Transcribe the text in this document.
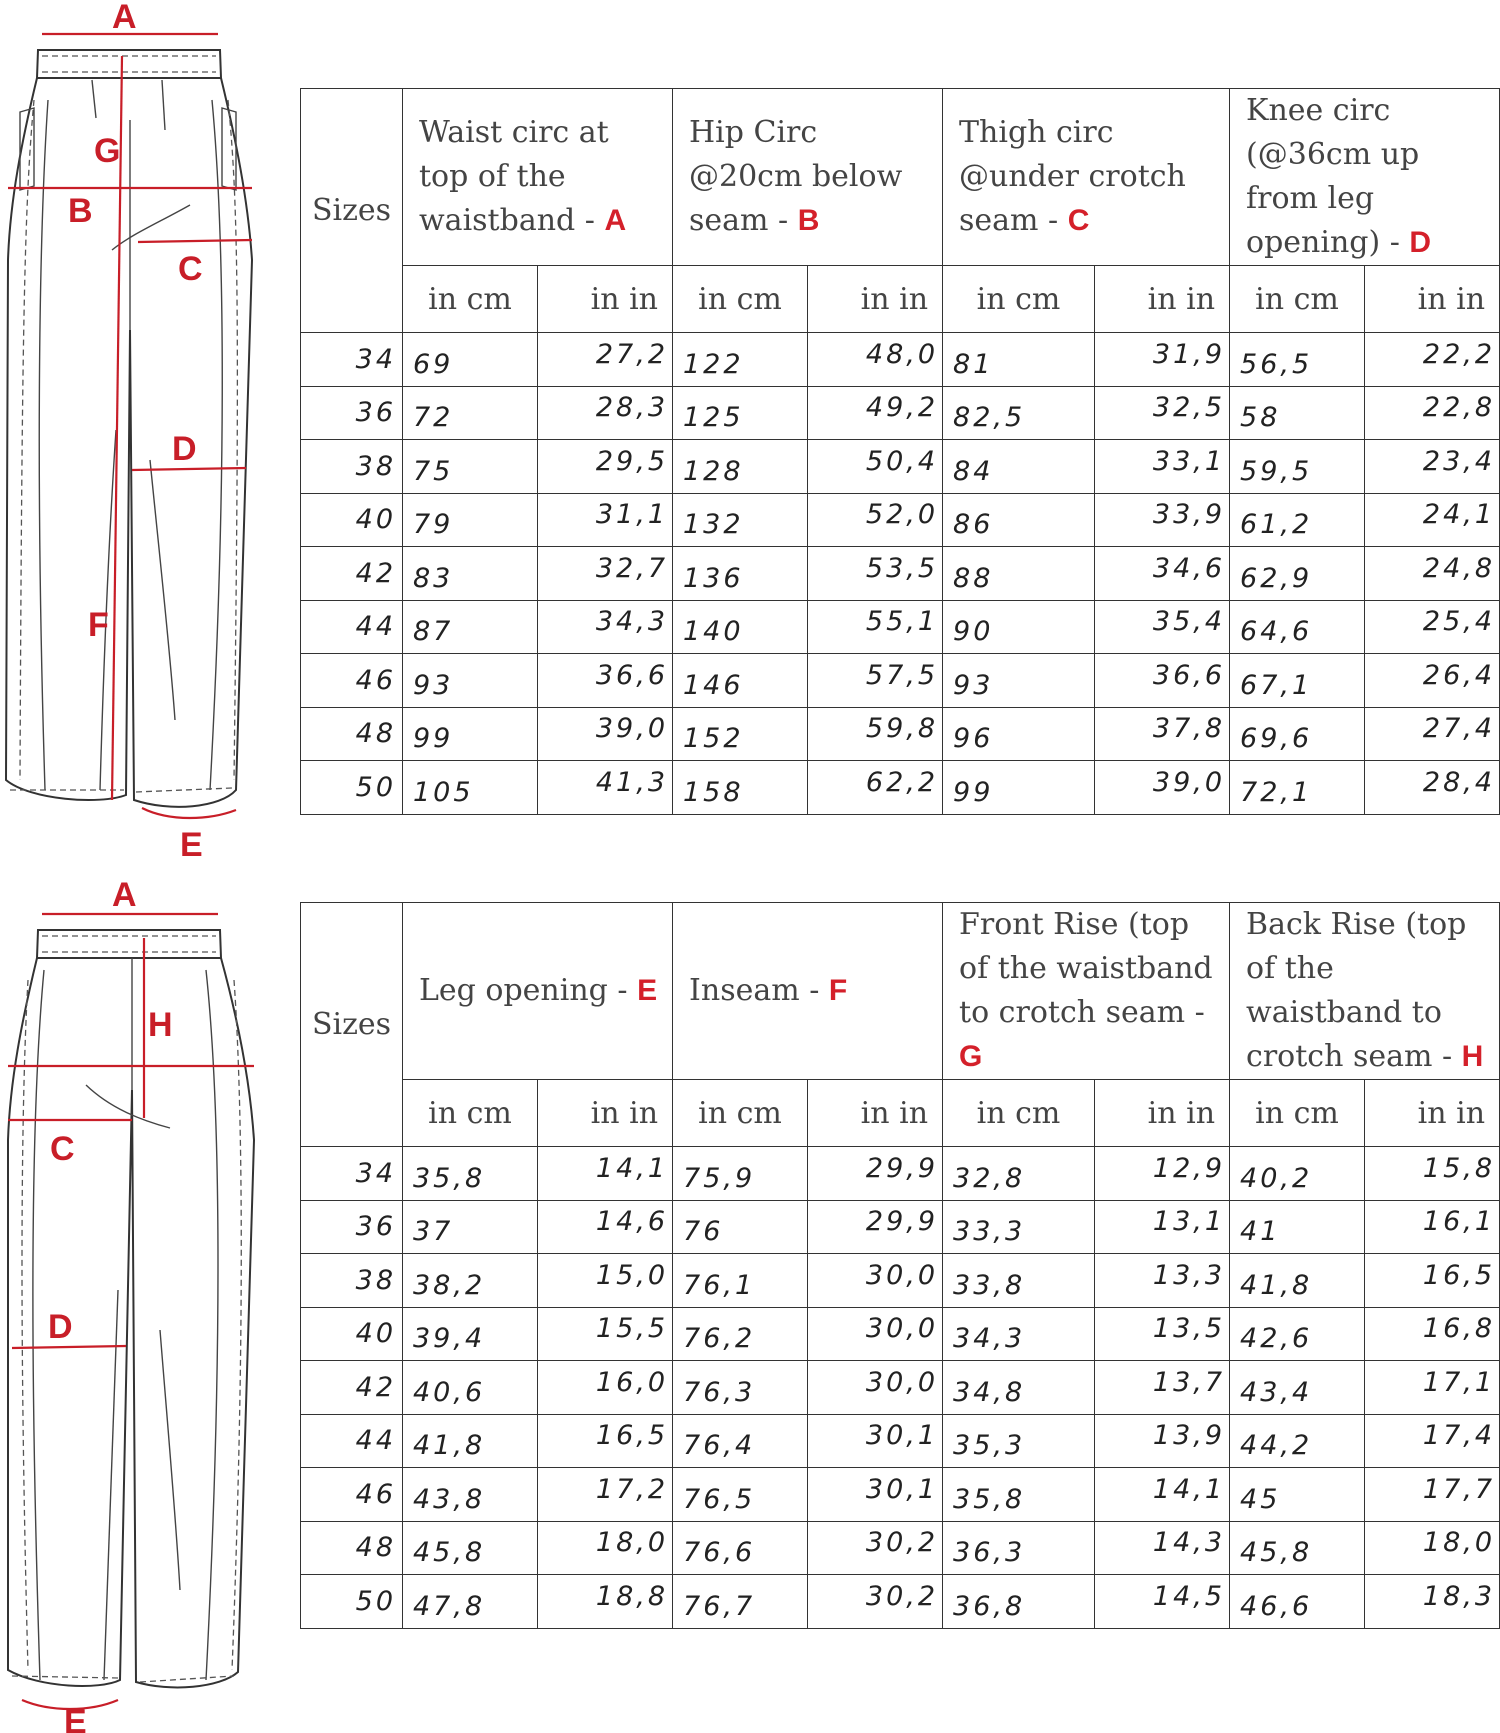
A
G
B
C
D
F
E
A
H
C
D
E
Sizes	Waist circ at top of the waistband - A		Hip Circ @20cm below seam - B		Thigh circ @under crotch seam - C		Knee circ (@36cm up from leg opening) - D	
	in cm	in in	in cm	in in	in cm	in in	in cm	in in
34	69	27,2	122	48,0	81	31,9	56,5	22,2
36	72	28,3	125	49,2	82,5	32,5	58	22,8
38	75	29,5	128	50,4	84	33,1	59,5	23,4
40	79	31,1	132	52,0	86	33,9	61,2	24,1
42	83	32,7	136	53,5	88	34,6	62,9	24,8
44	87	34,3	140	55,1	90	35,4	64,6	25,4
46	93	36,6	146	57,5	93	36,6	67,1	26,4
48	99	39,0	152	59,8	96	37,8	69,6	27,4
50	105	41,3	158	62,2	99	39,0	72,1	28,4
Sizes	Leg opening - E		Inseam - F		Front Rise (top of the waistband to crotch seam - G		Back Rise (top of the waistband to crotch seam - H	
	in cm	in in	in cm	in in	in cm	in in	in cm	in in
34	35,8	14,1	75,9	29,9	32,8	12,9	40,2	15,8
36	37	14,6	76	29,9	33,3	13,1	41	16,1
38	38,2	15,0	76,1	30,0	33,8	13,3	41,8	16,5
40	39,4	15,5	76,2	30,0	34,3	13,5	42,6	16,8
42	40,6	16,0	76,3	30,0	34,8	13,7	43,4	17,1
44	41,8	16,5	76,4	30,1	35,3	13,9	44,2	17,4
46	43,8	17,2	76,5	30,1	35,8	14,1	45	17,7
48	45,8	18,0	76,6	30,2	36,3	14,3	45,8	18,0
50	47,8	18,8	76,7	30,2	36,8	14,5	46,6	18,3
